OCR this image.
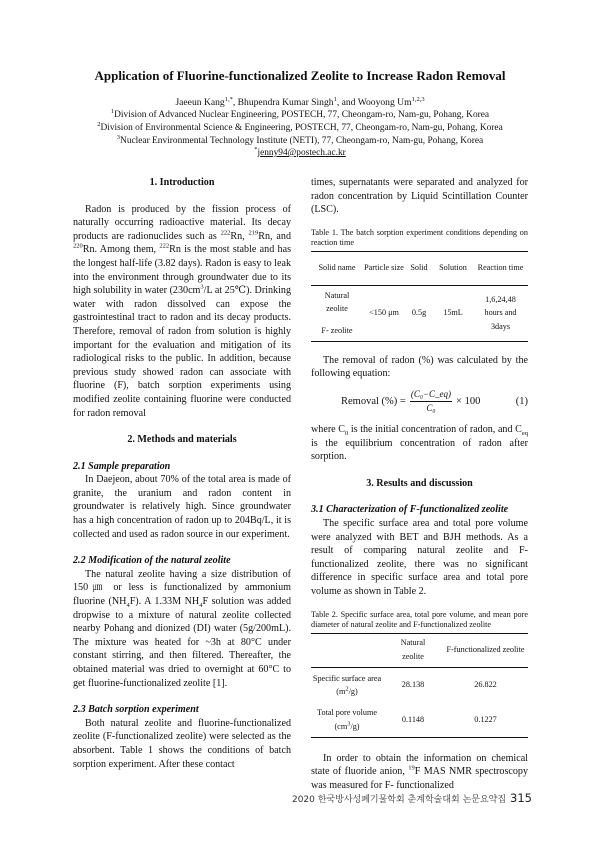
Application of Fluorine-functionalized Zeolite to Increase Radon Removal
Jaeeun Kang$^{1,*}$, Bhupendra Kumar Singh$^1$, and Wooyong Um$^{1,2,3}$
$^1$Division of Advanced Nuclear Engineering, POSTECH, 77, Cheongam-ro, Nam-gu, Pohang, Korea
$^2$Division of Environmental Science & Engineering, POSTECH, 77, Cheongam-ro, Nam-gu, Pohang, Korea
$^3$Nuclear Environmental Technology Institute (NETI), 77, Cheongam-ro, Nam-gu, Pohang, Korea
*jenny94@postech.ac.kr
1. Introduction

Radon is produced by the fission process of naturally occurring radioactive material. Its decay products are radionuclides such as $^{222}$Rn, $^{219}$Rn, and $^{220}$Rn. Among them, $^{222}$Rn is the most stable and has the longest half-life (3.82 days). Radon is easy to leak into the environment through groundwater due to its high solubility in water ($230cm^3/L$ at 25℃). Drinking water with radon dissolved can expose the gastrointestinal tract to radon and its decay products. Therefore, removal of radon from solution is highly important for the evaluation and mitigation of its radiological risks to the public. In addition, because previous study showed radon can associate with fluorine (F), batch sorption experiments using modified zeolite containing fluorine were conducted for radon removal

2. Methods and materials
2.1 Sample preparation

In Daejeon, about 70% of the total area is made of granite, the uranium and radon content in groundwater is relatively high. Since groundwater has a high concentration of radon up to 204Bq/L, it is collected and used as radon source in our experiment.

2.2 Modification of the natural zeolite

The natural zeolite having a size distribution of 150㎛ or less is functionalized by ammonium fluorine $(NH_4F)$. A 1.33M $NH_4F$ solution was added dropwise to a mixture of natural zeolite collected nearby Pohang and dionized (DI) water (5g/200mL). The mixture was heated for ~3h at 80°C under constant stirring, and then filtered. Thereafter, the obtained material was dried to overnight at 60°C to get fluorine-functionalized zeolite [1].

2.3 Batch sorption experiment

Both natural zeolite and fluorine-functionalized zeolite (F-functionalized zeolite) were selected as the absorbent. Table 1 shows the conditions of batch sorption experiment. After these contact

times, supernatants were separated and analyzed for radon concentration by Liquid Scintillation Counter (LSC).

Table 1. The batch sorption experiment conditions depending on reaction time
Solid name	Particle size	Solid	Solution	Reaction time

Natural zeolite
F- zeolite	<150 μm	0.5g	15mL	1,6,24,48 hours and 3days

The removal of radon (%) was calculated by the following equation:

Removal (%) = $\frac{\text{(C₀−C\_eq)}}{\text{C₀}} \times 100$	(1)

where $C_0$ is the initial concentration of radon, and $C_{eq}$ is the equilibrium concentration of radon after sorption.

3. Results and discussion
3.1 Characterization of F-functionalized zeolite

The specific surface area and total pore volume were analyzed with BET and BJH methods. As a result of comparing natural zeolite and F-functionalized zeolite, there was no significant difference in specific surface area and total pore volume as shown in Table 2.

Table 2. Specific surface area, total pore volume, and mean pore diameter of natural zeolite and F-functionalized zeolite

	Natural zeolite	F-functionalized zeolite

Specific surface area $(m^2/g)$	28.138	26.822
Total pore volume $(cm^3/g)$	0.1148	0.1227

In order to obtain the information on chemical state of fluoride anion, $^{19}$F MAS NMR spectroscopy was measured for F- functionalized

2020 한국방사성폐기물학회 춘계학술대회 논문요약집 315
